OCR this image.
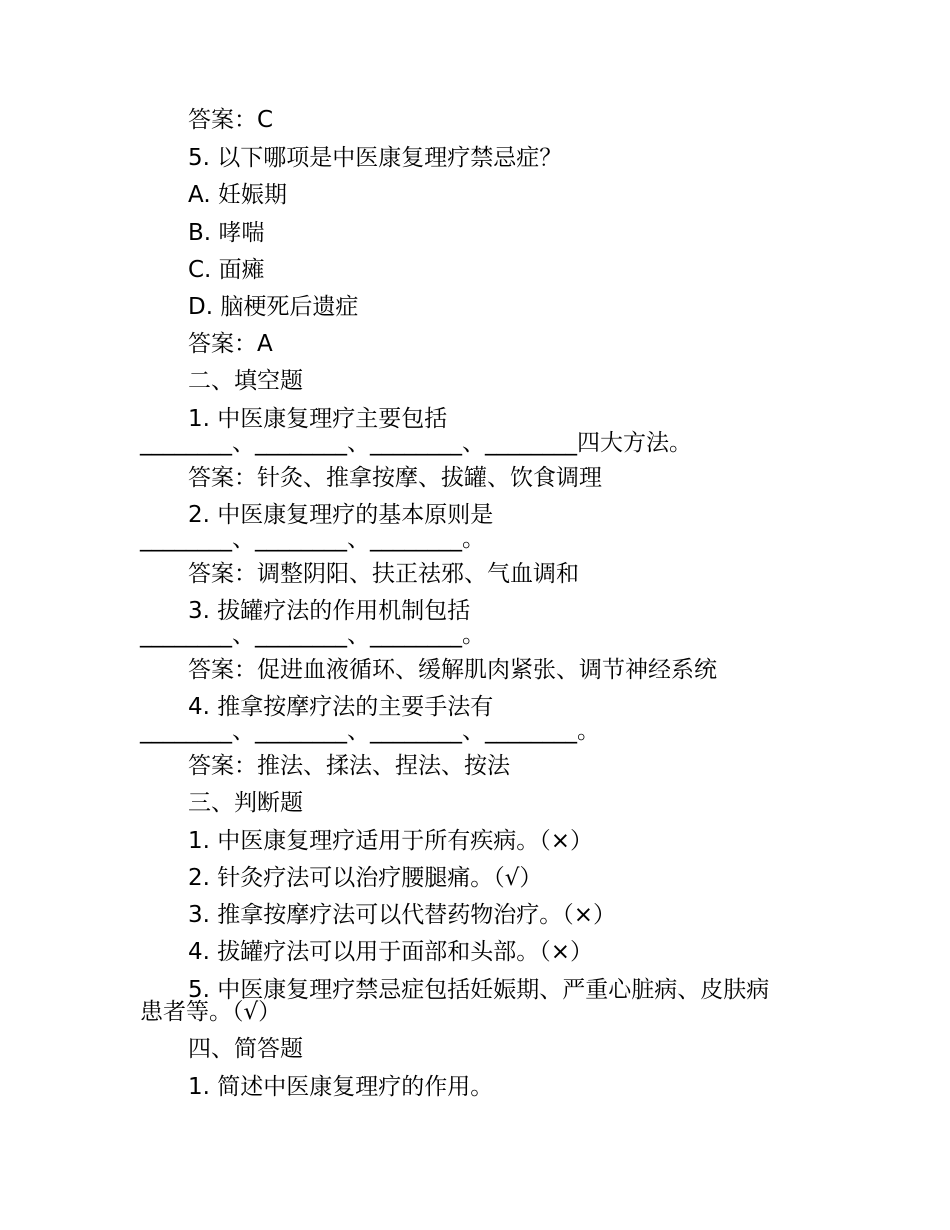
答案：C
5. 以下哪项是中医康复理疗禁忌症？
A. 妊娠期
B. 哮喘
C. 面瘫
D. 脑梗死后遗症
答案：A
二、填空题
1. 中医康复理疗主要包括
________、________、________、________四大方法。
答案：针灸、推拿按摩、拔罐、饮食调理
2. 中医康复理疗的基本原则是
________、________、________。
答案：调整阴阳、扶正祛邪、气血调和
3. 拔罐疗法的作用机制包括
________、________、________。
答案：促进血液循环、缓解肌肉紧张、调节神经系统
4. 推拿按摩疗法的主要手法有
________、________、________、________。
答案：推法、揉法、捏法、按法
三、判断题
1. 中医康复理疗适用于所有疾病。（×）
2. 针灸疗法可以治疗腰腿痛。（√）
3. 推拿按摩疗法可以代替药物治疗。（×）
4. 拔罐疗法可以用于面部和头部。（×）
5. 中医康复理疗禁忌症包括妊娠期、严重心脏病、皮肤病
患者等。（√）
四、简答题
1. 简述中医康复理疗的作用。
